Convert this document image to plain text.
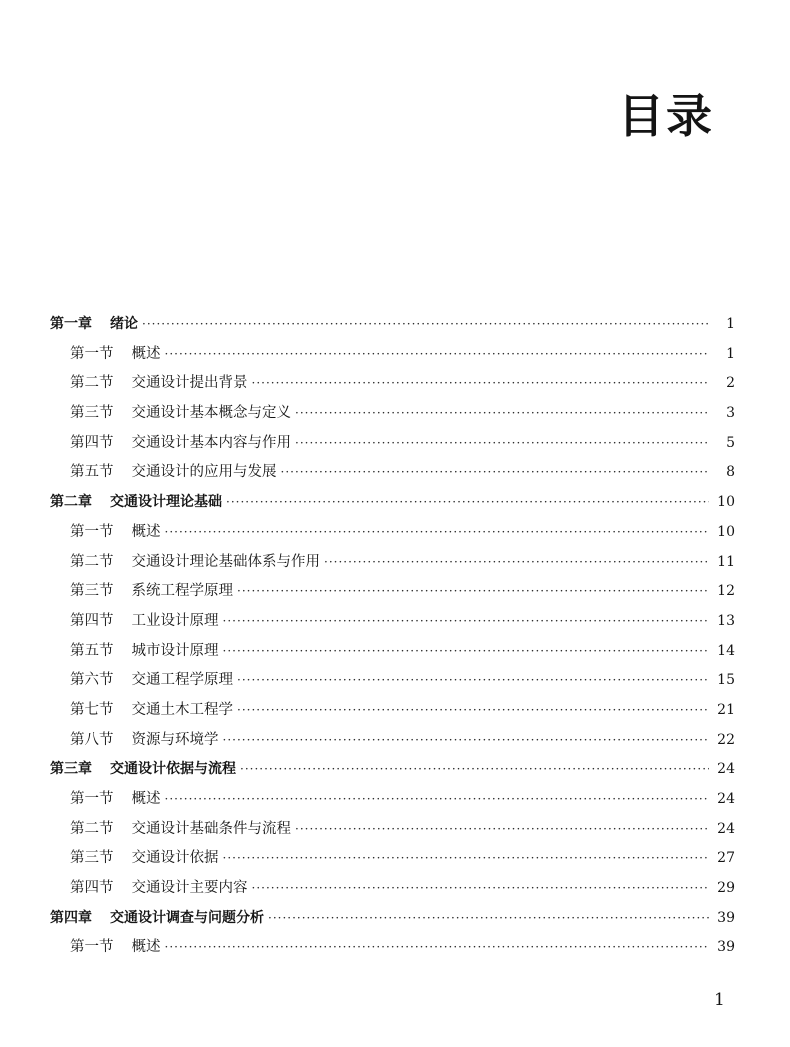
目录
第一章 绪论 ·····	1
第一节 概述 ·····	1
第二节 交通设计提出背景 ·····	2
第三节 交通设计基本概念与定义 ·····	3
第四节 交通设计基本内容与作用 ·····	5
第五节 交通设计的应用与发展 ·····	8
第二章 交通设计理论基础 ·····	10
第一节 概述 ·····	10
第二节 交通设计理论基础体系与作用 ·····	11
第三节 系统工程学原理 ·····	12
第四节 工业设计原理 ·····	13
第五节 城市设计原理 ·····	14
第六节 交通工程学原理 ·····	15
第七节 交通土木工程学 ·····	21
第八节 资源与环境学 ·····	22
第三章 交通设计依据与流程 ·····	24
第一节 概述 ·····	24
第二节 交通设计基础条件与流程 ·····	24
第三节 交通设计依据 ·····	27
第四节 交通设计主要内容 ·····	29
第四章 交通设计调查与问题分析 ·····	39
第一节 概述 ·····	39
1
